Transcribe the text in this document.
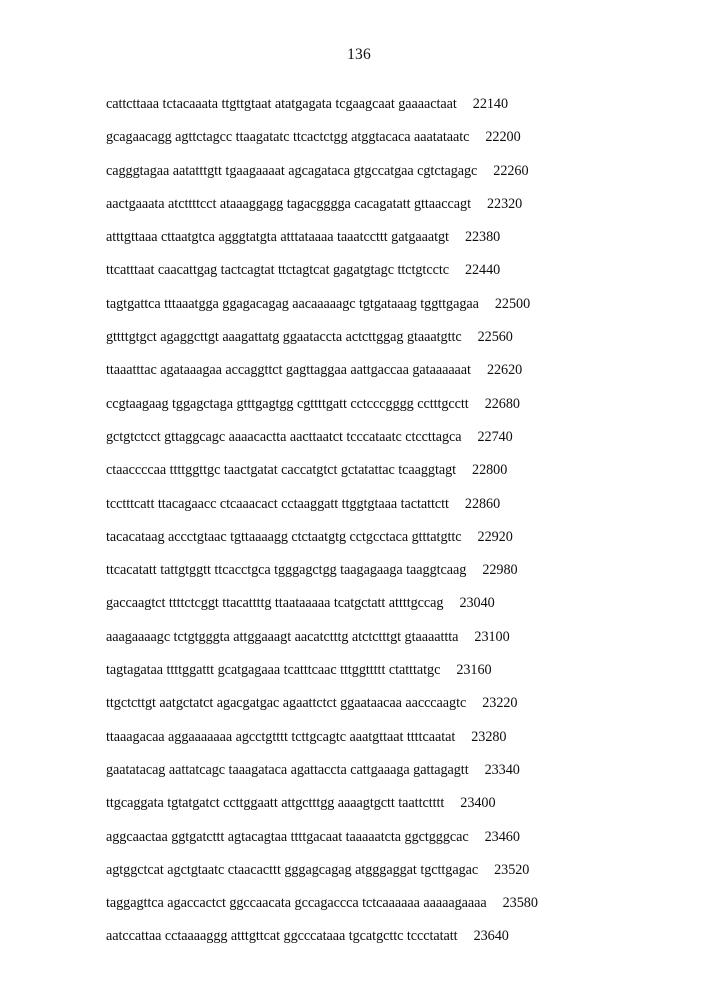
136
cattcttaaa tctacaaata ttgttgtaat atatgagata tcgaagcaat gaaaactaat 22140
gcagaacagg agttctagcc ttaagatatc ttcactctgg atggtacaca aaatataatc 22200
cagggtagaa aatatttgtt tgaagaaaat agcagataca gtgccatgaa cgtctagagc 22260
aactgaaata atcttttcct ataaaggagg tagacgggga cacagatatt gttaaccagt 22320
atttgttaaa cttaatgtca agggtatgta atttataaaa taaatccttt gatgaaatgt 22380
ttcatttaat caacattgag tactcagtat ttctagtcat gagatgtagc ttctgtcctc 22440
tagtgattca tttaaatgga ggagacagag aacaaaaagc tgtgataaag tggttgagaa 22500
gttttgtgct agaggcttgt aaagattatg ggaataccta actcttggag gtaaatgttc 22560
ttaaatttac agataaagaa accaggttct gagttaggaa aattgaccaa gataaaaaat 22620
ccgtaagaag tggagctaga gtttgagtgg cgttttgatt cctcccgggg cctttgcctt 22680
gctgtctcct gttaggcagc aaaacactta aacttaatct tcccataatc ctccttagca 22740
ctaaccccaa ttttggttgc taactgatat caccatgtct gctatattac tcaaggtagt 22800
tcctttcatt ttacagaacc ctcaaacact cctaaggatt ttggtgtaaa tactattctt 22860
tacacataag accctgtaac tgttaaaagg ctctaatgtg cctgcctaca gtttatgttc 22920
ttcacatatt tattgtggtt ttcacctgca tgggagctgg taagagaaga taaggtcaag 22980
gaccaagtct ttttctcggt ttacattttg ttaataaaaa tcatgctatt attttgccag 23040
aaagaaaagc tctgtgggta attggaaagt aacatctttg atctctttgt gtaaaattta 23100
tagtagataa ttttggattt gcatgagaaa tcatttcaac tttggttttt ctatttatgc 23160
ttgctcttgt aatgctatct agacgatgac agaattctct ggaataacaa aacccaagtc 23220
ttaaagacaa aggaaaaaaa agcctgtttt tcttgcagtc aaatgttaat ttttcaatat 23280
gaatatacag aattatcagc taaagataca agattaccta cattgaaaga gattagagtt 23340
ttgcaggata tgtatgatct ccttggaatt attgctttgg aaaagtgctt taattctttt 23400
aggcaactaa ggtgatcttt agtacagtaa ttttgacaat taaaaatcta ggctgggcac 23460
agtggctcat agctgtaatc ctaacacttt gggagcagag atgggaggat tgcttgagac 23520
taggagttca agaccactct ggccaacata gccagaccca tctcaaaaaa aaaaagaaaa 23580
aatccattaa cctaaaaggg atttgttcat ggcccataaa tgcatgcttc tccctatatt 23640
